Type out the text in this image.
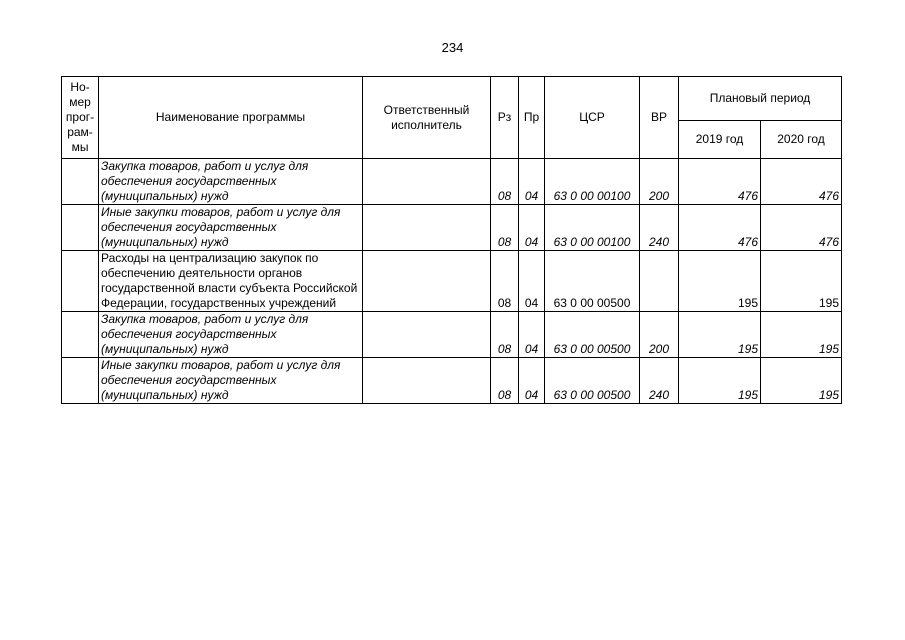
234
Но-мер прог-рам-мы	Наименование программы	Ответственный исполнитель	Рз	Пр	ЦСР	ВР	Плановый период	
							2019 год	2020 год
	Закупка товаров, работ и услуг для обеспечения государственных (муниципальных) нужд		08	04	63 0 00 00100	200	476	476
	Иные закупки товаров, работ и услуг для обеспечения государственных (муниципальных) нужд		08	04	63 0 00 00100	240	476	476
	Расходы на централизацию закупок по обеспечению деятельности органов государственной власти субъекта Российской Федерации, государственных учреждений		08	04	63 0 00 00500		195	195
	Закупка товаров, работ и услуг для обеспечения государственных (муниципальных) нужд		08	04	63 0 00 00500	200	195	195
	Иные закупки товаров, работ и услуг для обеспечения государственных (муниципальных) нужд		08	04	63 0 00 00500	240	195	195
